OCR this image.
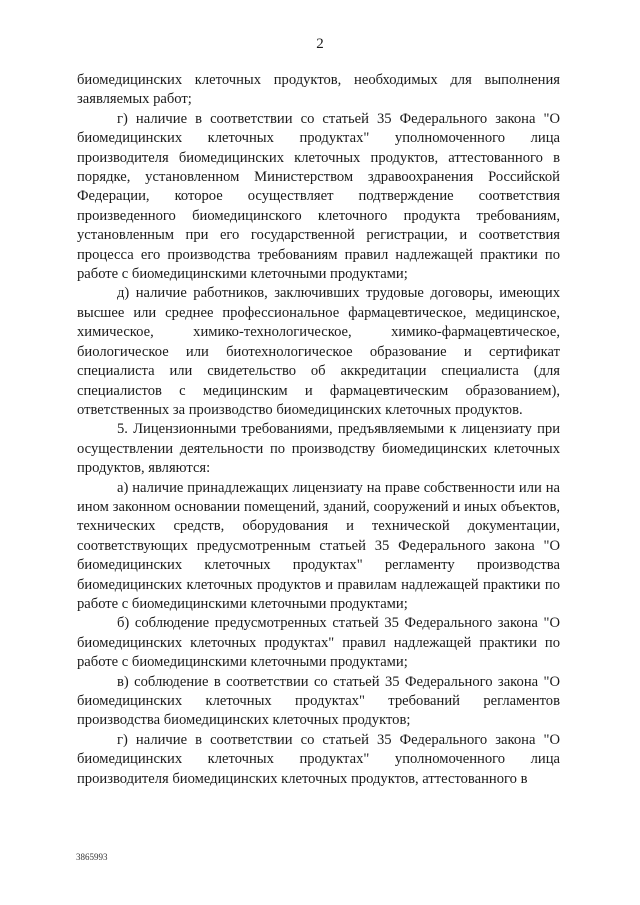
2

биомедицинских клеточных продуктов, необходимых для выполнения заявляемых работ;

г) наличие в соответствии со статьей 35 Федерального закона "О биомедицинских клеточных продуктах" уполномоченного лица производителя биомедицинских клеточных продуктов, аттестованного в порядке, установленном Министерством здравоохранения Российской Федерации, которое осуществляет подтверждение соответствия произведенного биомедицинского клеточного продукта требованиям, установленным при его государственной регистрации, и соответствия процесса его производства требованиям правил надлежащей практики по работе с биомедицинскими клеточными продуктами;

д) наличие работников, заключивших трудовые договоры, имеющих высшее или среднее профессиональное фармацевтическое, медицинское, химическое, химико-технологическое, химико-фармацевтическое, биологическое или биотехнологическое образование и сертификат специалиста или свидетельство об аккредитации специалиста (для специалистов с медицинским и фармацевтическим образованием), ответственных за производство биомедицинских клеточных продуктов.

5. Лицензионными требованиями, предъявляемыми к лицензиату при осуществлении деятельности по производству биомедицинских клеточных продуктов, являются:

а) наличие принадлежащих лицензиату на праве собственности или на ином законном основании помещений, зданий, сооружений и иных объектов, технических средств, оборудования и технической документации, соответствующих предусмотренным статьей 35 Федерального закона "О биомедицинских клеточных продуктах" регламенту производства биомедицинских клеточных продуктов и правилам надлежащей практики по работе с биомедицинскими клеточными продуктами;

б) соблюдение предусмотренных статьей 35 Федерального закона "О биомедицинских клеточных продуктах" правил надлежащей практики по работе с биомедицинскими клеточными продуктами;

в) соблюдение в соответствии со статьей 35 Федерального закона "О биомедицинских клеточных продуктах" требований регламентов производства биомедицинских клеточных продуктов;

г) наличие в соответствии со статьей 35 Федерального закона "О биомедицинских клеточных продуктах" уполномоченного лица производителя биомедицинских клеточных продуктов, аттестованного в

3865993
